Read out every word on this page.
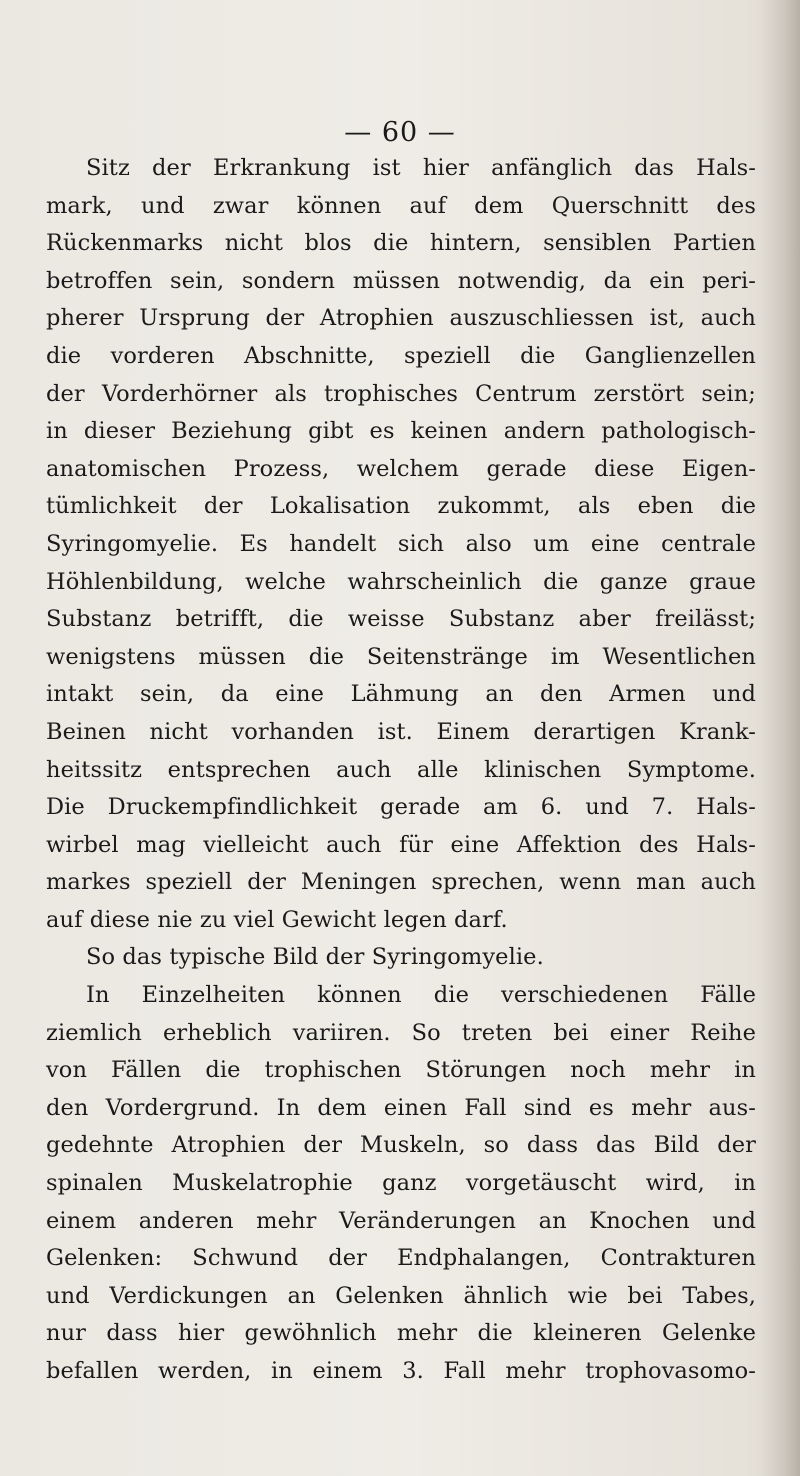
— 60 —
Sitz der Erkrankung ist hier anfänglich das Hals-
mark, und zwar können auf dem Querschnitt des
Rückenmarks nicht blos die hintern, sensiblen Partien
betroffen sein, sondern müssen notwendig, da ein peri-
pherer Ursprung der Atrophien auszuschliessen ist, auch
die vorderen Abschnitte, speziell die Ganglienzellen
der Vorderhörner als trophisches Centrum zerstört sein;
in dieser Beziehung gibt es keinen andern pathologisch-
anatomischen Prozess, welchem gerade diese Eigen-
tümlichkeit der Lokalisation zukommt, als eben die
Syringomyelie. Es handelt sich also um eine centrale
Höhlenbildung, welche wahrscheinlich die ganze graue
Substanz betrifft, die weisse Substanz aber freilässt;
wenigstens müssen die Seitenstränge im Wesentlichen
intakt sein, da eine Lähmung an den Armen und
Beinen nicht vorhanden ist. Einem derartigen Krank-
heitssitz entsprechen auch alle klinischen Symptome.
Die Druckempfindlichkeit gerade am 6. und 7. Hals-
wirbel mag vielleicht auch für eine Affektion des Hals-
markes speziell der Meningen sprechen, wenn man auch
auf diese nie zu viel Gewicht legen darf.
So das typische Bild der Syringomyelie.
In Einzelheiten können die verschiedenen Fälle
ziemlich erheblich variiren. So treten bei einer Reihe
von Fällen die trophischen Störungen noch mehr in
den Vordergrund. In dem einen Fall sind es mehr aus-
gedehnte Atrophien der Muskeln, so dass das Bild der
spinalen Muskelatrophie ganz vorgetäuscht wird, in
einem anderen mehr Veränderungen an Knochen und
Gelenken: Schwund der Endphalangen, Contrakturen
und Verdickungen an Gelenken ähnlich wie bei Tabes,
nur dass hier gewöhnlich mehr die kleineren Gelenke
befallen werden, in einem 3. Fall mehr trophovasomo-
